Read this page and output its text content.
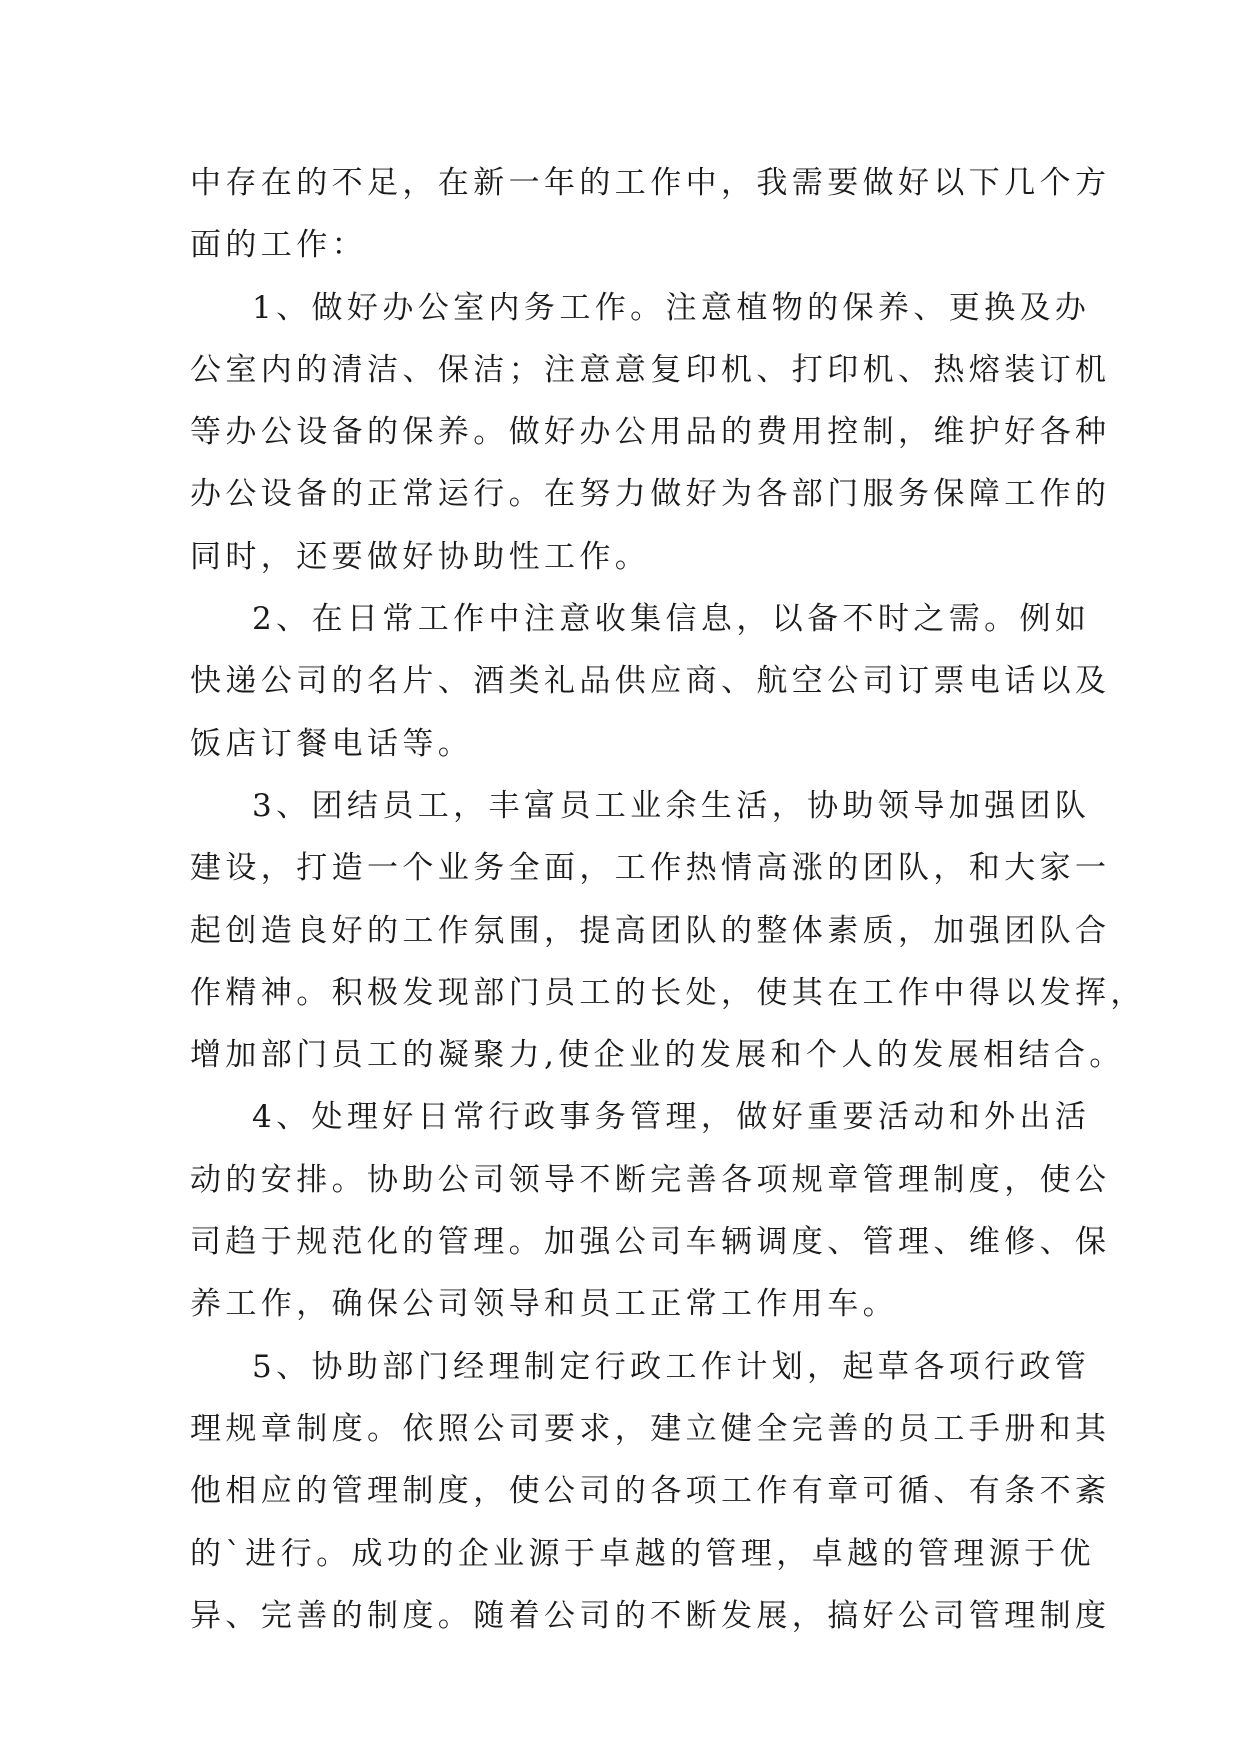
中存在的不足，在新一年的工作中，我需要做好以下几个方
面的工作：
1、做好办公室内务工作。注意植物的保养、更换及办
公室内的清洁、保洁；注意意复印机、打印机、热熔装订机
等办公设备的保养。做好办公用品的费用控制，维护好各种
办公设备的正常运行。在努力做好为各部门服务保障工作的
同时，还要做好协助性工作。
2、在日常工作中注意收集信息，以备不时之需。例如
快递公司的名片、酒类礼品供应商、航空公司订票电话以及
饭店订餐电话等。
3、团结员工，丰富员工业余生活，协助领导加强团队
建设，打造一个业务全面，工作热情高涨的团队，和大家一
起创造良好的工作氛围，提高团队的整体素质，加强团队合
作精神。积极发现部门员工的长处，使其在工作中得以发挥，
增加部门员工的凝聚力,使企业的发展和个人的发展相结合。
4、处理好日常行政事务管理，做好重要活动和外出活
动的安排。协助公司领导不断完善各项规章管理制度，使公
司趋于规范化的管理。加强公司车辆调度、管理、维修、保
养工作，确保公司领导和员工正常工作用车。
5、协助部门经理制定行政工作计划，起草各项行政管
理规章制度。依照公司要求，建立健全完善的员工手册和其
他相应的管理制度，使公司的各项工作有章可循、有条不紊
的`进行。成功的企业源于卓越的管理，卓越的管理源于优
异、完善的制度。随着公司的不断发展，搞好公司管理制度
